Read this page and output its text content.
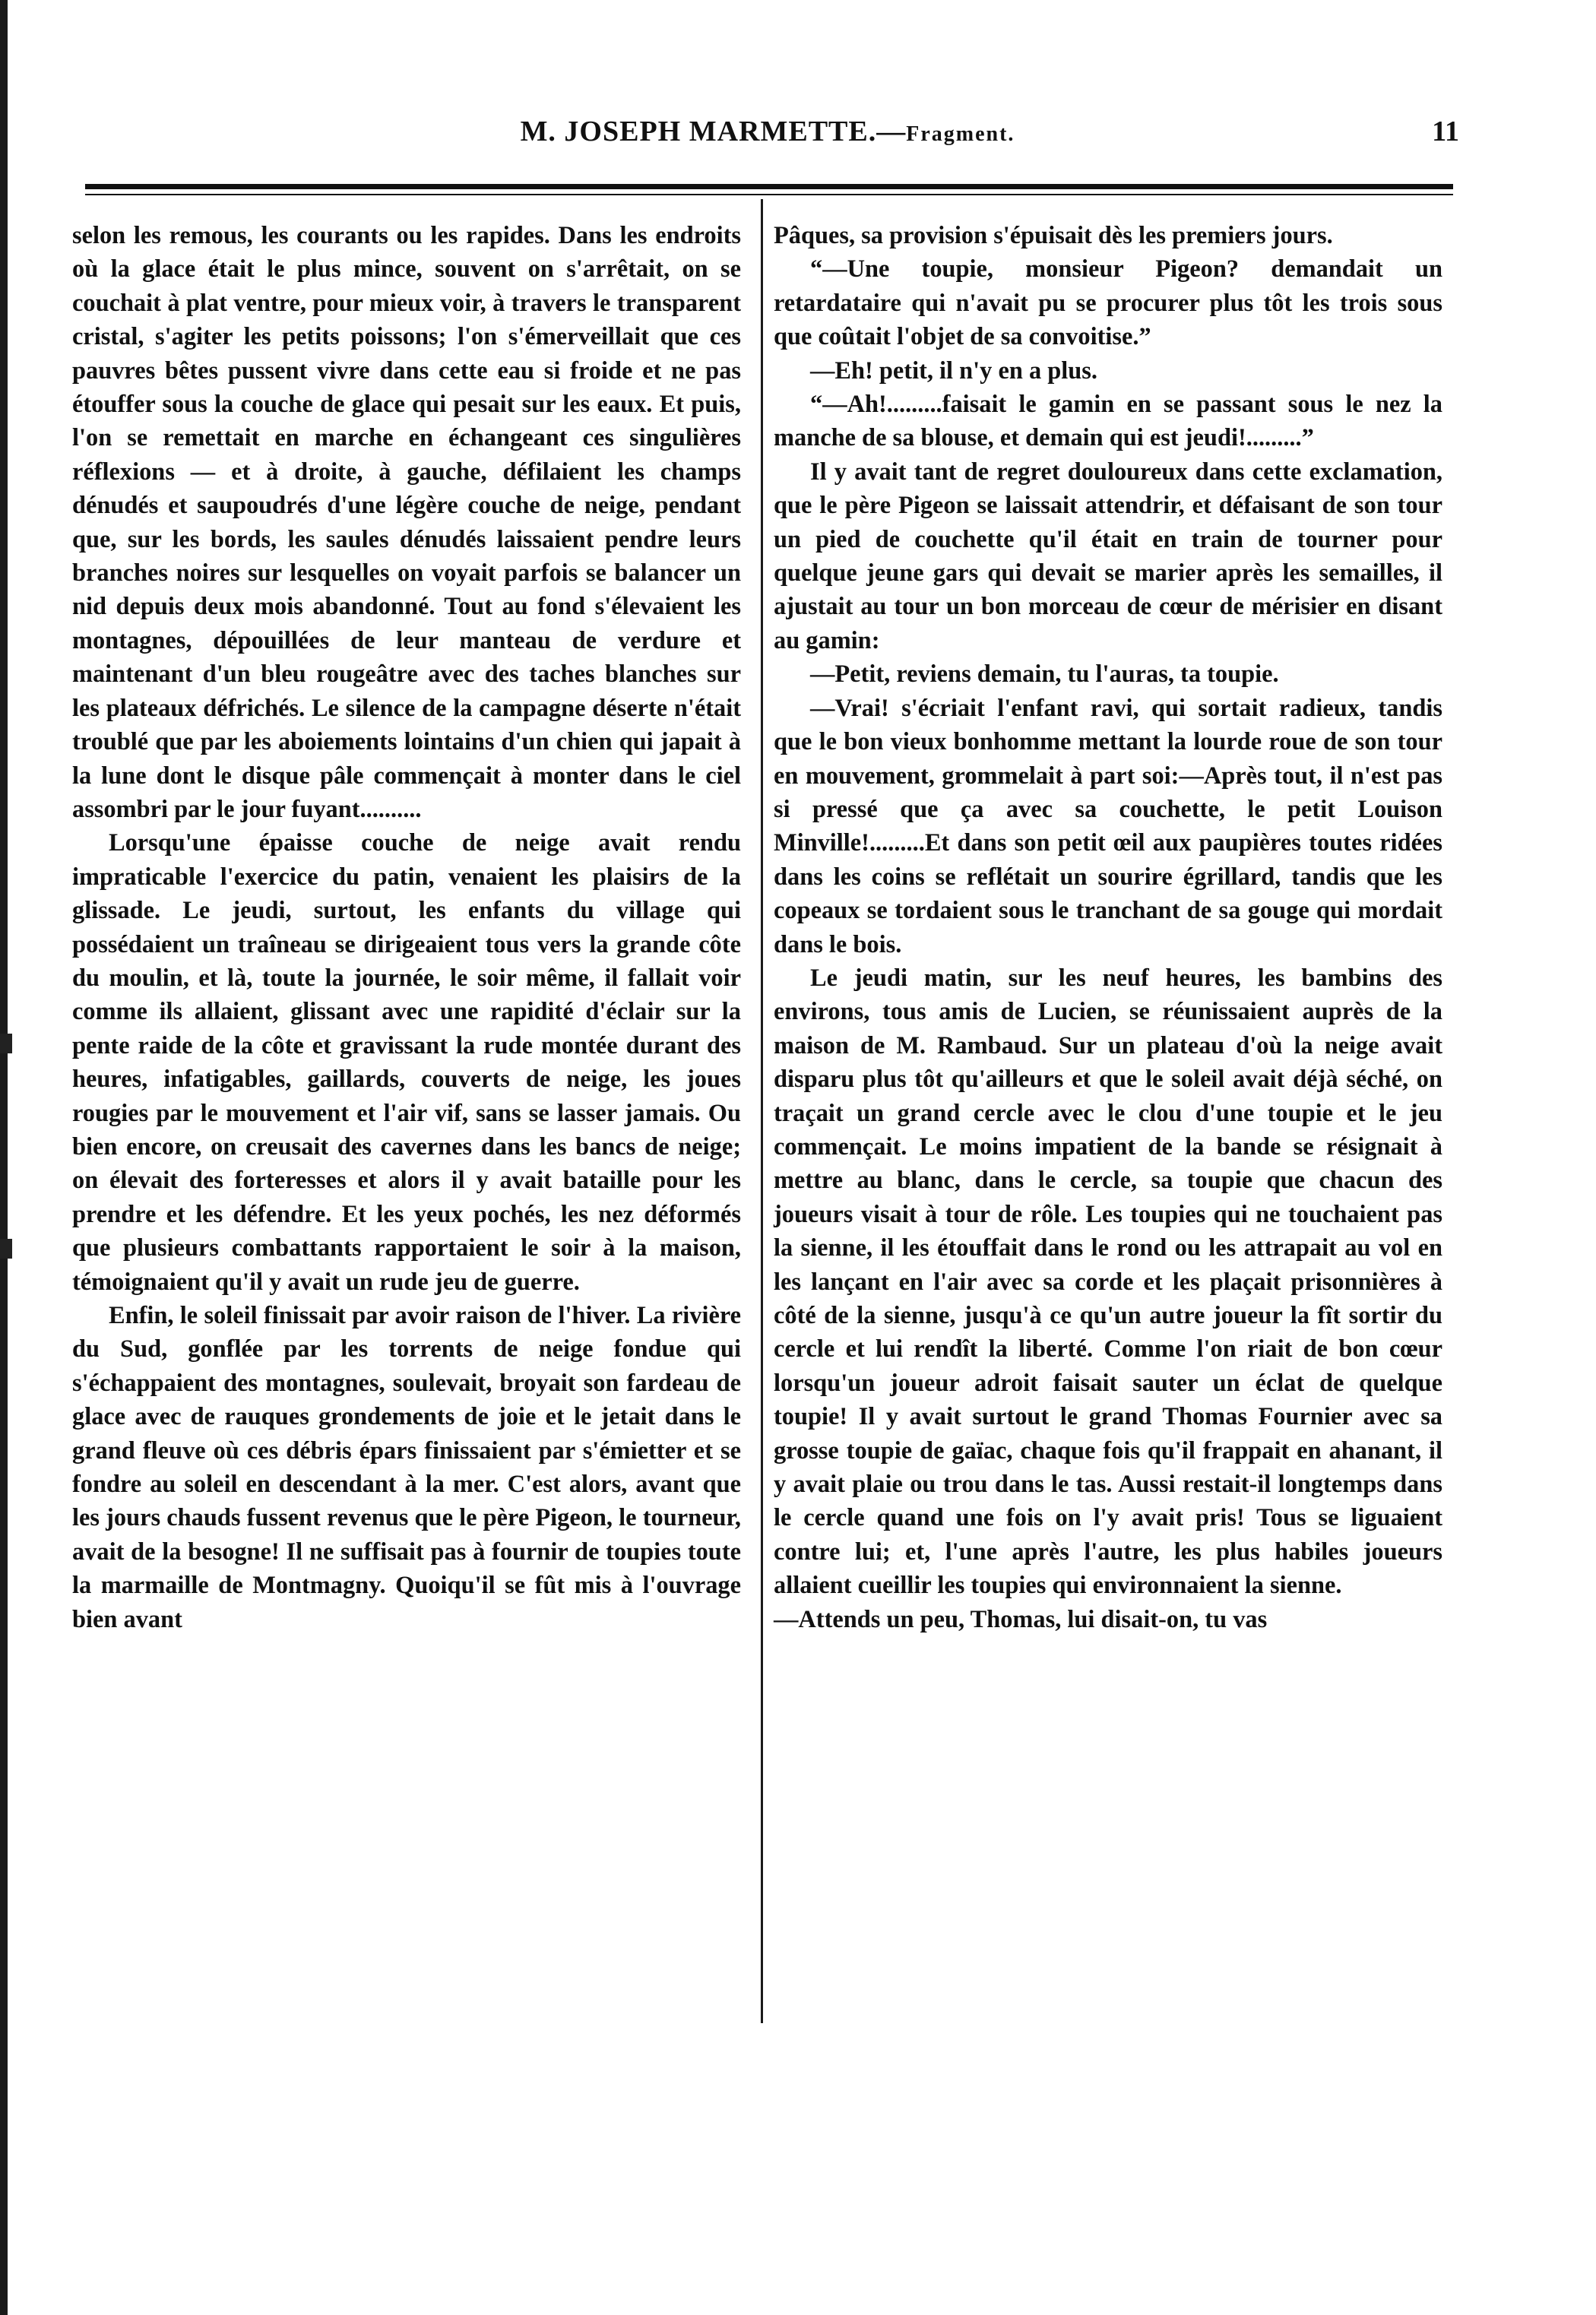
M. JOSEPH MARMETTE.—Fragment.	11

selon les remous, les courants ou les rapides. Dans les endroits où la glace était le plus mince, souvent on s'arrêtait, on se couchait à plat ventre, pour mieux voir, à travers le transparent cristal, s'agiter les petits poissons; l'on s'émerveillait que ces pauvres bêtes pussent vivre dans cette eau si froide et ne pas étouffer sous la couche de glace qui pesait sur les eaux. Et puis, l'on se remettait en marche en échangeant ces singulières réflexions — et à droite, à gauche, défilaient les champs dénudés et saupoudrés d'une légère couche de neige, pendant que, sur les bords, les saules dénudés laissaient pendre leurs branches noires sur lesquelles on voyait parfois se balancer un nid depuis deux mois abandonné. Tout au fond s'élevaient les montagnes, dépouillées de leur manteau de verdure et maintenant d'un bleu rougeâtre avec des taches blanches sur les plateaux défrichés. Le silence de la campagne déserte n'était troublé que par les aboiements lointains d'un chien qui japait à la lune dont le disque pâle commençait à monter dans le ciel assombri par le jour fuyant..........

Lorsqu'une épaisse couche de neige avait rendu impraticable l'exercice du patin, venaient les plaisirs de la glissade. Le jeudi, surtout, les enfants du village qui possédaient un traîneau se dirigeaient tous vers la grande côte du moulin, et là, toute la journée, le soir même, il fallait voir comme ils allaient, glissant avec une rapidité d'éclair sur la pente raide de la côte et gravissant la rude montée durant des heures, infatigables, gaillards, couverts de neige, les joues rougies par le mouvement et l'air vif, sans se lasser jamais. Ou bien encore, on creusait des cavernes dans les bancs de neige; on élevait des forteresses et alors il y avait bataille pour les prendre et les défendre. Et les yeux pochés, les nez déformés que plusieurs combattants rapportaient le soir à la maison, témoignaient qu'il y avait un rude jeu de guerre.

Enfin, le soleil finissait par avoir raison de l'hiver. La rivière du Sud, gonflée par les torrents de neige fondue qui s'échappaient des montagnes, soulevait, broyait son fardeau de glace avec de rauques grondements de joie et le jetait dans le grand fleuve où ces débris épars finissaient par s'émietter et se fondre au soleil en descendant à la mer. C'est alors, avant que les jours chauds fussent revenus que le père Pigeon, le tourneur, avait de la besogne! Il ne suffisait pas à fournir de toupies toute la marmaille de Montmagny. Quoiqu'il se fût mis à l'ouvrage bien avant

Pâques, sa provision s'épuisait dès les premiers jours.

“—Une toupie, monsieur Pigeon? demandait un retardataire qui n'avait pu se procurer plus tôt les trois sous que coûtait l'objet de sa convoitise.”

—Eh! petit, il n'y en a plus.

“—Ah!.........faisait le gamin en se passant sous le nez la manche de sa blouse, et demain qui est jeudi!.........”

Il y avait tant de regret douloureux dans cette exclamation, que le père Pigeon se laissait attendrir, et défaisant de son tour un pied de couchette qu'il était en train de tourner pour quelque jeune gars qui devait se marier après les semailles, il ajustait au tour un bon morceau de cœur de mérisier en disant au gamin:

—Petit, reviens demain, tu l'auras, ta toupie.

—Vrai! s'écriait l'enfant ravi, qui sortait radieux, tandis que le bon vieux bonhomme mettant la lourde roue de son tour en mouvement, grommelait à part soi:—Après tout, il n'est pas si pressé que ça avec sa couchette, le petit Louison Minville!.........Et dans son petit œil aux paupières toutes ridées dans les coins se reflétait un sourire égrillard, tandis que les copeaux se tordaient sous le tranchant de sa gouge qui mordait dans le bois.

Le jeudi matin, sur les neuf heures, les bambins des environs, tous amis de Lucien, se réunissaient auprès de la maison de M. Rambaud. Sur un plateau d'où la neige avait disparu plus tôt qu'ailleurs et que le soleil avait déjà séché, on traçait un grand cercle avec le clou d'une toupie et le jeu commençait. Le moins impatient de la bande se résignait à mettre au blanc, dans le cercle, sa toupie que chacun des joueurs visait à tour de rôle. Les toupies qui ne touchaient pas la sienne, il les étouffait dans le rond ou les attrapait au vol en les lançant en l'air avec sa corde et les plaçait prisonnières à côté de la sienne, jusqu'à ce qu'un autre joueur la fît sortir du cercle et lui rendît la liberté. Comme l'on riait de bon cœur lorsqu'un joueur adroit faisait sauter un éclat de quelque toupie! Il y avait surtout le grand Thomas Fournier avec sa grosse toupie de gaïac, chaque fois qu'il frappait en ahanant, il y avait plaie ou trou dans le tas. Aussi restait-il longtemps dans le cercle quand une fois on l'y avait pris! Tous se liguaient contre lui; et, l'une après l'autre, les plus habiles joueurs allaient cueillir les toupies qui environnaient la sienne.

—Attends un peu, Thomas, lui disait-on, tu vas
